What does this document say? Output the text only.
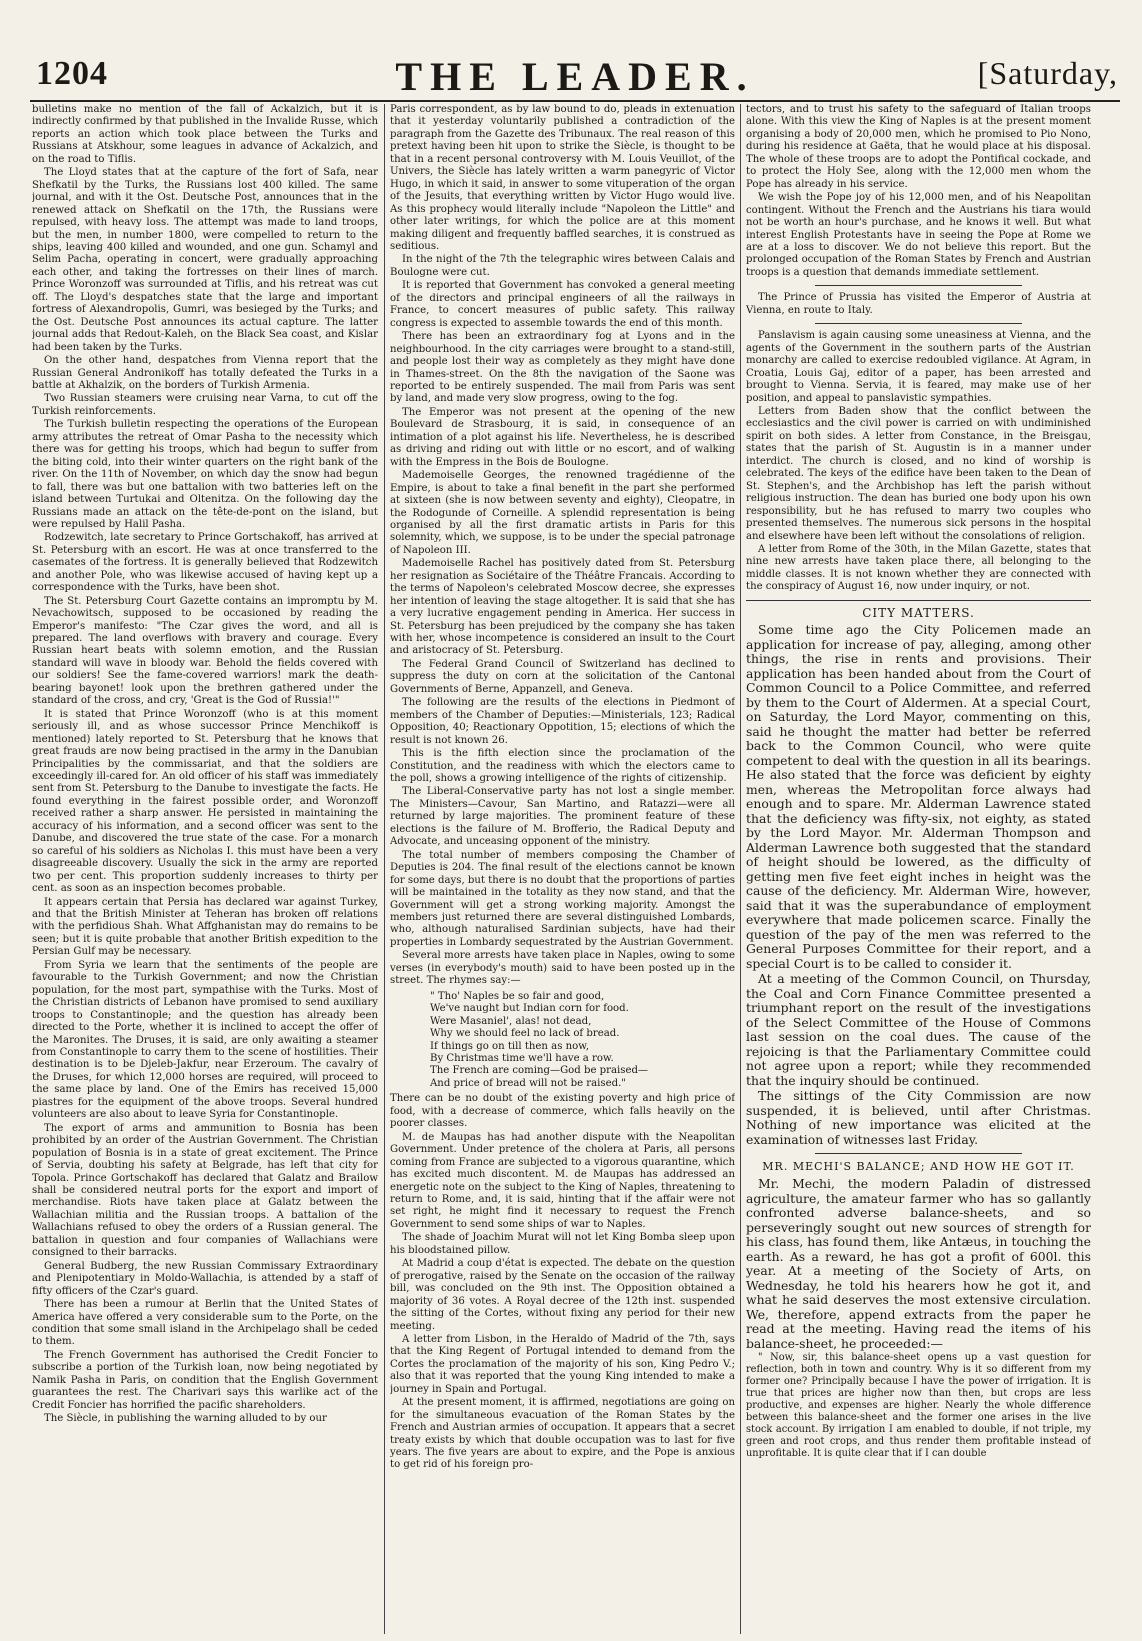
1204	THE LEADER.	[Saturday,

bulletins make no mention of the fall of Ackalzich, but it is indirectly confirmed by that published in the Invalide Russe, which reports an action which took place between the Turks and Russians at Atskhour, some leagues in advance of Ackalzich, and on the road to Tiflis.

The Lloyd states that at the capture of the fort of Safa, near Shefkatil by the Turks, the Russians lost 400 killed. The same journal, and with it the Ost. Deutsche Post, announces that in the renewed attack on Shefkatil on the 17th, the Russians were repulsed, with heavy loss. The attempt was made to land troops, but the men, in number 1800, were compelled to return to the ships, leaving 400 killed and wounded, and one gun. Schamyl and Selim Pacha, operating in concert, were gradually approaching each other, and taking the fortresses on their lines of march. Prince Woronzoff was surrounded at Tiflis, and his retreat was cut off. The Lloyd's despatches state that the large and important fortress of Alexandropolis, Gumri, was besieged by the Turks; and the Ost. Deutsche Post announces its actual capture. The latter journal adds that Redout-Kaleh, on the Black Sea coast, and Kislar had been taken by the Turks.

On the other hand, despatches from Vienna report that the Russian General Andronikoff has totally defeated the Turks in a battle at Akhalzik, on the borders of Turkish Armenia.

Two Russian steamers were cruising near Varna, to cut off the Turkish reinforcements.

The Turkish bulletin respecting the operations of the European army attributes the retreat of Omar Pasha to the necessity which there was for getting his troops, which had begun to suffer from the biting cold, into their winter quarters on the right bank of the river. On the 11th of November, on which day the snow had begun to fall, there was but one battalion with two batteries left on the island between Turtukai and Oltenitza. On the following day the Russians made an attack on the tête-de-pont on the island, but were repulsed by Halil Pasha.

Rodzewitch, late secretary to Prince Gortschakoff, has arrived at St. Petersburg with an escort. He was at once transferred to the casemates of the fortress. It is generally believed that Rodzewitch and another Pole, who was likewise accused of having kept up a correspondence with the Turks, have been shot.

The St. Petersburg Court Gazette contains an impromptu by M. Nevachowitsch, supposed to be occasioned by reading the Emperor's manifesto: "The Czar gives the word, and all is prepared. The land overflows with bravery and courage. Every Russian heart beats with solemn emotion, and the Russian standard will wave in bloody war. Behold the fields covered with our soldiers! See the fame-covered warriors! mark the death-bearing bayonet! look upon the brethren gathered under the standard of the cross, and cry, 'Great is the God of Russia!'"

It is stated that Prince Woronzoff (who is at this moment seriously ill, and as whose successor Prince Menchikoff is mentioned) lately reported to St. Petersburg that he knows that great frauds are now being practised in the army in the Danubian Principalities by the commissariat, and that the soldiers are exceedingly ill-cared for. An old officer of his staff was immediately sent from St. Petersburg to the Danube to investigate the facts. He found everything in the fairest possible order, and Woronzoff received rather a sharp answer. He persisted in maintaining the accuracy of his information, and a second officer was sent to the Danube, and discovered the true state of the case. For a monarch so careful of his soldiers as Nicholas I. this must have been a very disagreeable discovery. Usually the sick in the army are reported two per cent. This proportion suddenly increases to thirty per cent. as soon as an inspection becomes probable.

It appears certain that Persia has declared war against Turkey, and that the British Minister at Teheran has broken off relations with the perfidious Shah. What Affghanistan may do remains to be seen; but it is quite probable that another British expedition to the Persian Gulf may be necessary.

From Syria we learn that the sentiments of the people are favourable to the Turkish Government; and now the Christian population, for the most part, sympathise with the Turks. Most of the Christian districts of Lebanon have promised to send auxiliary troops to Constantinople; and the question has already been directed to the Porte, whether it is inclined to accept the offer of the Maronites. The Druses, it is said, are only awaiting a steamer from Constantinople to carry them to the scene of hostilities. Their destination is to be Djeleb-Jakfur, near Erzeroum. The cavalry of the Druses, for which 12,000 horses are required, will proceed to the same place by land. One of the Emirs has received 15,000 piastres for the equipment of the above troops. Several hundred volunteers are also about to leave Syria for Constantinople.

The export of arms and ammunition to Bosnia has been prohibited by an order of the Austrian Government. The Christian population of Bosnia is in a state of great excitement. The Prince of Servia, doubting his safety at Belgrade, has left that city for Topola. Prince Gortschakoff has declared that Galatz and Brailow shall be considered neutral ports for the export and import of merchandise. Riots have taken place at Galatz between the Wallachian militia and the Russian troops. A battalion of the Wallachians refused to obey the orders of a Russian general. The battalion in question and four companies of Wallachians were consigned to their barracks.

General Budberg, the new Russian Commissary Extraordinary and Plenipotentiary in Moldo-Wallachia, is attended by a staff of fifty officers of the Czar's guard.

There has been a rumour at Berlin that the United States of America have offered a very considerable sum to the Porte, on the condition that some small island in the Archipelago shall be ceded to them.

The French Government has authorised the Credit Foncier to subscribe a portion of the Turkish loan, now being negotiated by Namik Pasha in Paris, on condition that the English Government guarantees the rest. The Charivari says this warlike act of the Credit Foncier has horrified the pacific shareholders.

The Siècle, in publishing the warning alluded to by our

Paris correspondent, as by law bound to do, pleads in extenuation that it yesterday voluntarily published a contradiction of the paragraph from the Gazette des Tribunaux. The real reason of this pretext having been hit upon to strike the Siècle, is thought to be that in a recent personal controversy with M. Louis Veuillot, of the Univers, the Siècle has lately written a warm panegyric of Victor Hugo, in which it said, in answer to some vituperation of the organ of the Jesuits, that everything written by Victor Hugo would live. As this prophecy would literally include "Napoleon the Little" and other later writings, for which the police are at this moment making diligent and frequently baffled searches, it is construed as seditious.

In the night of the 7th the telegraphic wires between Calais and Boulogne were cut.

It is reported that Government has convoked a general meeting of the directors and principal engineers of all the railways in France, to concert measures of public safety. This railway congress is expected to assemble towards the end of this month.

There has been an extraordinary fog at Lyons and in the neighbourhood. In the city carriages were brought to a stand-still, and people lost their way as completely as they might have done in Thames-street. On the 8th the navigation of the Saone was reported to be entirely suspended. The mail from Paris was sent by land, and made very slow progress, owing to the fog.

The Emperor was not present at the opening of the new Boulevard de Strasbourg, it is said, in consequence of an intimation of a plot against his life. Nevertheless, he is described as driving and riding out with little or no escort, and of walking with the Empress in the Bois de Boulogne.

Mademoiselle Georges, the renowned tragédienne of the Empire, is about to take a final benefit in the part she performed at sixteen (she is now between seventy and eighty), Cleopatre, in the Rodogunde of Corneille. A splendid representation is being organised by all the first dramatic artists in Paris for this solemnity, which, we suppose, is to be under the special patronage of Napoleon III.

Mademoiselle Rachel has positively dated from St. Petersburg her resignation as Sociétaire of the Théâtre Francais. According to the terms of Napoleon's celebrated Moscow decree, she expresses her intention of leaving the stage altogether. It is said that she has a very lucrative engagement pending in America. Her success in St. Petersburg has been prejudiced by the company she has taken with her, whose incompetence is considered an insult to the Court and aristocracy of St. Petersburg.

The Federal Grand Council of Switzerland has declined to suppress the duty on corn at the solicitation of the Cantonal Governments of Berne, Appanzell, and Geneva.

The following are the results of the elections in Piedmont of members of the Chamber of Deputies:—Ministerials, 123; Radical Opposition, 40; Reactionary Oppotition, 15; elections of which the result is not known 26.

This is the fifth election since the proclamation of the Constitution, and the readiness with which the electors came to the poll, shows a growing intelligence of the rights of citizenship.

The Liberal-Conservative party has not lost a single member. The Ministers—Cavour, San Martino, and Ratazzi—were all returned by large majorities. The prominent feature of these elections is the failure of M. Brofferio, the Radical Deputy and Advocate, and unceasing opponent of the ministry.

The total number of members composing the Chamber of Deputies is 204. The final result of the elections cannot be known for some days, but there is no doubt that the proportions of parties will be maintained in the totality as they now stand, and that the Government will get a strong working majority. Amongst the members just returned there are several distinguished Lombards, who, although naturalised Sardinian subjects, have had their properties in Lombardy sequestrated by the Austrian Government.

Several more arrests have taken place in Naples, owing to some verses (in everybody's mouth) said to have been posted up in the street. The rhymes say:—

" Tho' Naples be so fair and good,
We've naught but Indian corn for food.
Were Masaniel', alas! not dead,
Why we should feel no lack of bread.
If things go on till then as now,
By Christmas time we'll have a row.
The French are coming—God be praised—
And price of bread will not be raised."

There can be no doubt of the existing poverty and high price of food, with a decrease of commerce, which falls heavily on the poorer classes.

M. de Maupas has had another dispute with the Neapolitan Government. Under pretence of the cholera at Paris, all persons coming from France are subjected to a vigorous quarantine, which has excited much discontent. M. de Maupas has addressed an energetic note on the subject to the King of Naples, threatening to return to Rome, and, it is said, hinting that if the affair were not set right, he might find it necessary to request the French Government to send some ships of war to Naples.

The shade of Joachim Murat will not let King Bomba sleep upon his bloodstained pillow.

At Madrid a coup d'état is expected. The debate on the question of prerogative, raised by the Senate on the occasion of the railway bill, was concluded on the 9th inst. The Opposition obtained a majority of 36 votes. A Royal decree of the 12th inst. suspended the sitting of the Cortes, without fixing any period for their new meeting.

A letter from Lisbon, in the Heraldo of Madrid of the 7th, says that the King Regent of Portugal intended to demand from the Cortes the proclamation of the majority of his son, King Pedro V.; also that it was reported that the young King intended to make a journey in Spain and Portugal.

At the present moment, it is affirmed, negotiations are going on for the simultaneous evacuation of the Roman States by the French and Austrian armies of occupation. It appears that a secret treaty exists by which that double occupation was to last for five years. The five years are about to expire, and the Pope is anxious to get rid of his foreign pro-

tectors, and to trust his safety to the safeguard of Italian troops alone. With this view the King of Naples is at the present moment organising a body of 20,000 men, which he promised to Pio Nono, during his residence at Gaëta, that he would place at his disposal. The whole of these troops are to adopt the Pontifical cockade, and to protect the Holy See, along with the 12,000 men whom the Pope has already in his service.

We wish the Pope joy of his 12,000 men, and of his Neapolitan contingent. Without the French and the Austrians his tiara would not be worth an hour's purchase, and he knows it well. But what interest English Protestants have in seeing the Pope at Rome we are at a loss to discover. We do not believe this report. But the prolonged occupation of the Roman States by French and Austrian troops is a question that demands immediate settlement.

The Prince of Prussia has visited the Emperor of Austria at Vienna, en route to Italy.

Panslavism is again causing some uneasiness at Vienna, and the agents of the Government in the southern parts of the Austrian monarchy are called to exercise redoubled vigilance. At Agram, in Croatia, Louis Gaj, editor of a paper, has been arrested and brought to Vienna. Servia, it is feared, may make use of her position, and appeal to panslavistic sympathies.

Letters from Baden show that the conflict between the ecclesiastics and the civil power is carried on with undiminished spirit on both sides. A letter from Constance, in the Breisgau, states that the parish of St. Augustin is in a manner under interdict. The church is closed, and no kind of worship is celebrated. The keys of the edifice have been taken to the Dean of St. Stephen's, and the Archbishop has left the parish without religious instruction. The dean has buried one body upon his own responsibility, but he has refused to marry two couples who presented themselves. The numerous sick persons in the hospital and elsewhere have been left without the consolations of religion.

A letter from Rome of the 30th, in the Milan Gazette, states that nine new arrests have taken place there, all belonging to the middle classes. It is not known whether they are connected with the conspiracy of August 16, now under inquiry, or not.

CITY MATTERS.

Some time ago the City Policemen made an application for increase of pay, alleging, among other things, the rise in rents and provisions. Their application has been handed about from the Court of Common Council to a Police Committee, and referred by them to the Court of Aldermen. At a special Court, on Saturday, the Lord Mayor, commenting on this, said he thought the matter had better be referred back to the Common Council, who were quite competent to deal with the question in all its bearings. He also stated that the force was deficient by eighty men, whereas the Metropolitan force always had enough and to spare. Mr. Alderman Lawrence stated that the deficiency was fifty-six, not eighty, as stated by the Lord Mayor. Mr. Alderman Thompson and Alderman Lawrence both suggested that the standard of height should be lowered, as the difficulty of getting men five feet eight inches in height was the cause of the deficiency. Mr. Alderman Wire, however, said that it was the superabundance of employment everywhere that made policemen scarce. Finally the question of the pay of the men was referred to the General Purposes Committee for their report, and a special Court is to be called to consider it.

At a meeting of the Common Council, on Thursday, the Coal and Corn Finance Committee presented a triumphant report on the result of the investigations of the Select Committee of the House of Commons last session on the coal dues. The cause of the rejoicing is that the Parliamentary Committee could not agree upon a report; while they recommended that the inquiry should be continued.

The sittings of the City Commission are now suspended, it is believed, until after Christmas. Nothing of new importance was elicited at the examination of witnesses last Friday.

MR. MECHI'S BALANCE; AND HOW HE GOT IT.

Mr. Mechi, the modern Paladin of distressed agriculture, the amateur farmer who has so gallantly confronted adverse balance-sheets, and so perseveringly sought out new sources of strength for his class, has found them, like Antæus, in touching the earth. As a reward, he has got a profit of 600l. this year. At a meeting of the Society of Arts, on Wednesday, he told his hearers how he got it, and what he said deserves the most extensive circulation. We, therefore, append extracts from the paper he read at the meeting. Having read the items of his balance-sheet, he proceeded:—

" Now, sir, this balance-sheet opens up a vast question for reflection, both in town and country. Why is it so different from my former one? Principally because I have the power of irrigation. It is true that prices are higher now than then, but crops are less productive, and expenses are higher. Nearly the whole difference between this balance-sheet and the former one arises in the live stock account. By irrigation I am enabled to double, if not triple, my green and root crops, and thus render them profitable instead of unprofitable. It is quite clear that if I can double
